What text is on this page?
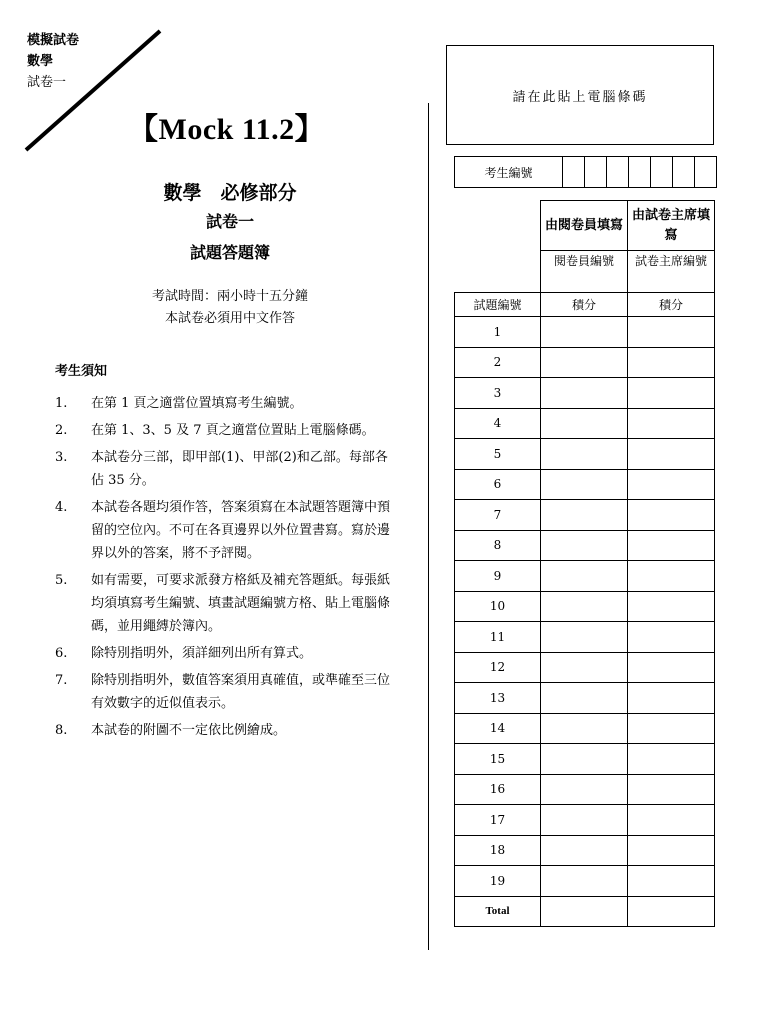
模擬試卷
數學
試卷一
【Mock 11.2】
數學　必修部分
試卷一
試題答題簿
考試時間：兩小時十五分鐘
本試卷必須用中文作答
考生須知
1.	在第 1 頁之適當位置填寫考生編號。
2.	在第 1、3、5 及 7 頁之適當位置貼上電腦條碼。
3.	本試卷分三部，即甲部(1)、甲部(2)和乙部。每部各佔 35 分。
4.	本試卷各題均須作答，答案須寫在本試題答題簿中預留的空位內。不可在各頁邊界以外位置書寫。寫於邊界以外的答案，將不予評閱。
5.	如有需要，可要求派發方格紙及補充答題紙。每張紙均須填寫考生編號、填畫試題編號方格、貼上電腦條碼，並用繩縛於簿內。
6.	除特別指明外，須詳細列出所有算式。
7.	除特別指明外，數值答案須用真確值，或準確至三位有效數字的近似值表示。
8.	本試卷的附圖不一定依比例繪成。
請在此貼上電腦條碼
考生編號							
	由閱卷員填寫	由試卷主席填寫
	閱卷員編號	試卷主席編號
試題編號	積分	積分
1		
2		
3		
4		
5		
6		
7		
8		
9		
10		
11		
12		
13		
14		
15		
16		
17		
18		
19		
Total		
